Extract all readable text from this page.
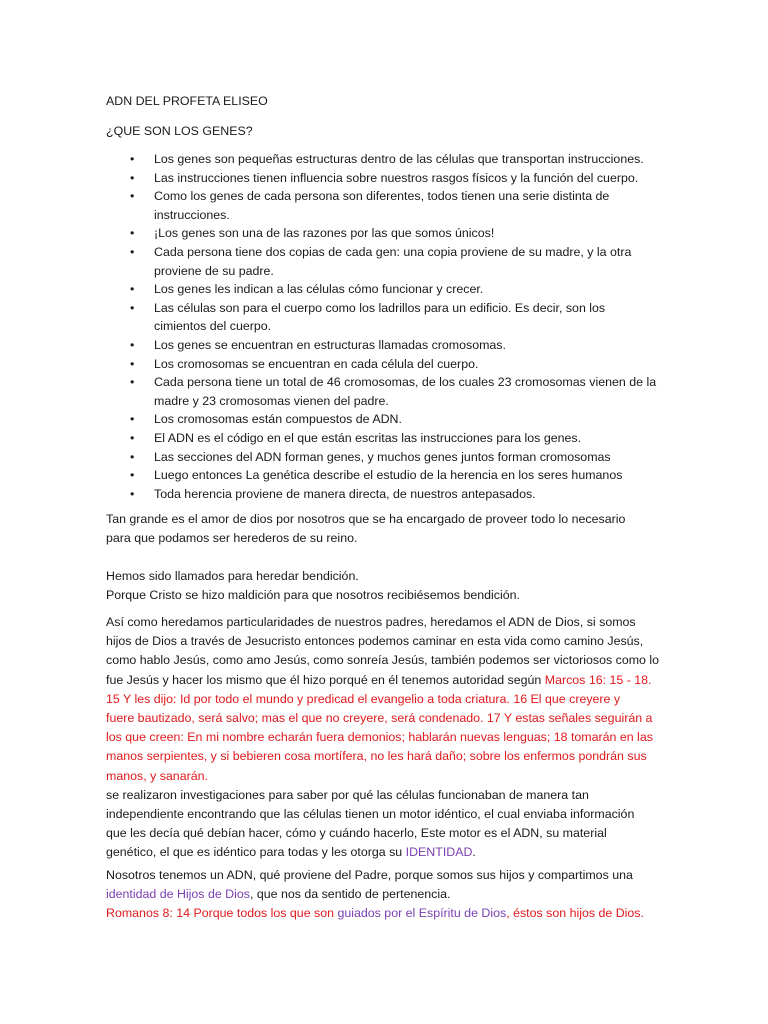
ADN DEL PROFETA ELISEO

¿QUE SON LOS GENES?

• Los genes son pequeñas estructuras dentro de las células que transportan instrucciones.
• Las instrucciones tienen influencia sobre nuestros rasgos físicos y la función del cuerpo.
• Como los genes de cada persona son diferentes, todos tienen una serie distinta de
instrucciones.
• ¡Los genes son una de las razones por las que somos únicos!
• Cada persona tiene dos copias de cada gen: una copia proviene de su madre, y la otra
proviene de su padre.
• Los genes les indican a las células cómo funcionar y crecer.
• Las células son para el cuerpo como los ladrillos para un edificio. Es decir, son los
cimientos del cuerpo.
• Los genes se encuentran en estructuras llamadas cromosomas.
• Los cromosomas se encuentran en cada célula del cuerpo.
• Cada persona tiene un total de 46 cromosomas, de los cuales 23 cromosomas vienen de la
madre y 23 cromosomas vienen del padre.
• Los cromosomas están compuestos de ADN.
• El ADN es el código en el que están escritas las instrucciones para los genes.
• Las secciones del ADN forman genes, y muchos genes juntos forman cromosomas
• Luego entonces La genética describe el estudio de la herencia en los seres humanos
• Toda herencia proviene de manera directa, de nuestros antepasados.
Tan grande es el amor de dios por nosotros que se ha encargado de proveer todo lo necesario
para que podamos ser herederos de su reino.
Hemos sido llamados para heredar bendición.
Porque Cristo se hizo maldición para que nosotros recibiésemos bendición.
Así como heredamos particularidades de nuestros padres, heredamos el ADN de Dios, si somos
hijos de Dios a través de Jesucristo entonces podemos caminar en esta vida como camino Jesús,
como hablo Jesús, como amo Jesús, como sonreía Jesús, también podemos ser victoriosos como lo
fue Jesús y hacer los mismo que él hizo porqué en él tenemos autoridad según Marcos 16: 15 - 18.
15 Y les dijo: Id por todo el mundo y predicad el evangelio a toda criatura. 16 El que creyere y
fuere bautizado, será salvo; mas el que no creyere, será condenado. 17 Y estas señales seguirán a
los que creen: En mi nombre echarán fuera demonios; hablarán nuevas lenguas; 18 tomarán en las
manos serpientes, y si bebieren cosa mortífera, no les hará daño; sobre los enfermos pondrán sus
manos, y sanarán.
se realizaron investigaciones para saber por qué las células funcionaban de manera tan
independiente encontrando que las células tienen un motor idéntico, el cual enviaba información
que les decía qué debían hacer, cómo y cuándo hacerlo, Este motor es el ADN, su material
genético, el que es idéntico para todas y les otorga su IDENTIDAD.
Nosotros tenemos un ADN, qué proviene del Padre, porque somos sus hijos y compartimos una
identidad de Hijos de Dios, que nos da sentido de pertenencia.
Romanos 8: 14 Porque todos los que son guiados por el Espíritu de Dios, éstos son hijos de Dios.
